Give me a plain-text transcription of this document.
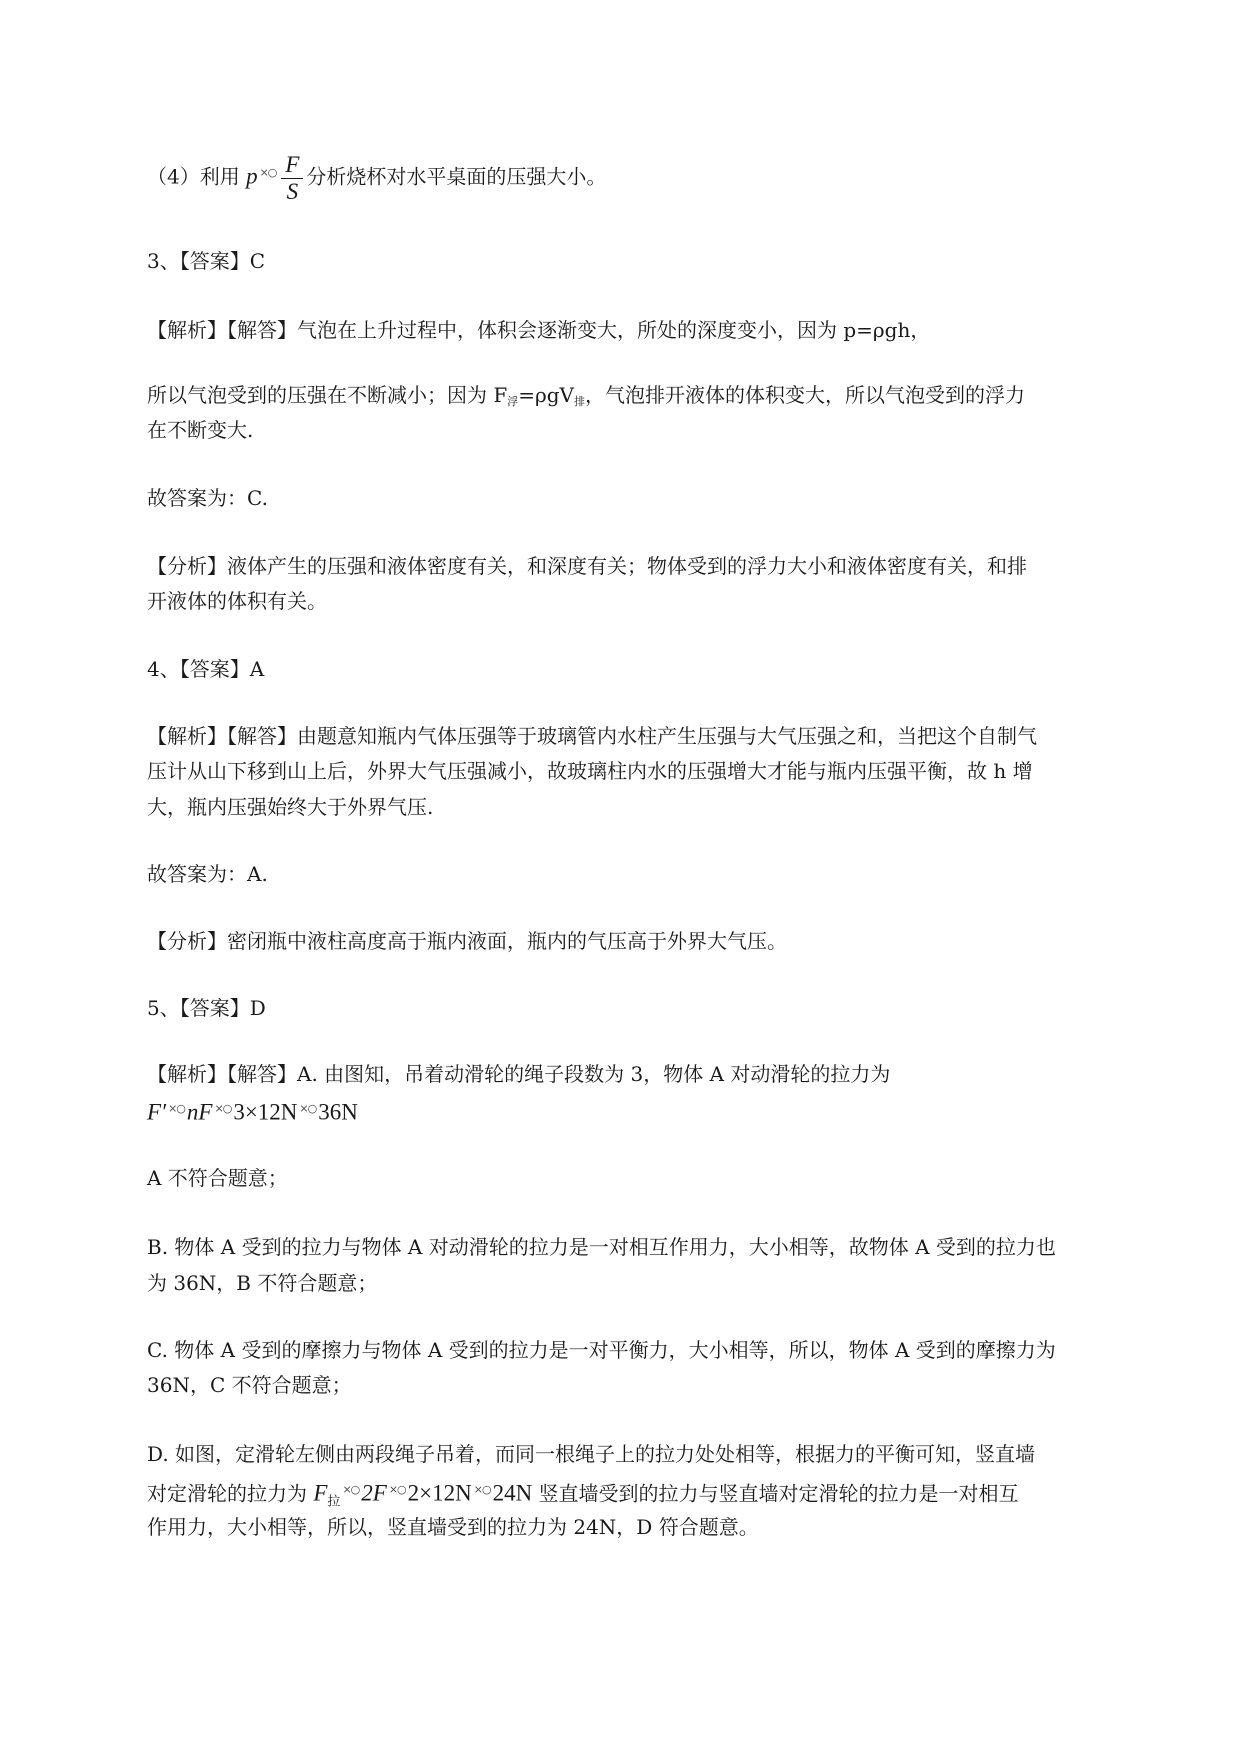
（4）利用 p $^{\times○} \frac{F}{S}$ 分析烧杯对水平桌面的压强大小。
3、【答案】C
【解析】【解答】气泡在上升过程中，体积会逐渐变大，所处的深度变小，因为 p=ρgh，
所以气泡受到的压强在不断减小；因为 F浮=ρgV排，气泡排开液体的体积变大，所以气泡受到的浮力
在不断变大.
故答案为：C.
【分析】液体产生的压强和液体密度有关，和深度有关；物体受到的浮力大小和液体密度有关，和排
开液体的体积有关。
4、【答案】A
【解析】【解答】由题意知瓶内气体压强等于玻璃管内水柱产生压强与大气压强之和，当把这个自制气
压计从山下移到山上后，外界大气压强减小，故玻璃柱内水的压强增大才能与瓶内压强平衡，故 h 增
大，瓶内压强始终大于外界气压.
故答案为：A.
【分析】密闭瓶中液柱高度高于瓶内液面，瓶内的气压高于外界大气压。
5、【答案】D
【解析】【解答】A. 由图知，吊着动滑轮的绳子段数为 3，物体 A 对动滑轮的拉力为
F′ ×○nF ×○3×12N ×○36N
A 不符合题意；
B. 物体 A 受到的拉力与物体 A 对动滑轮的拉力是一对相互作用力，大小相等，故物体 A 受到的拉力也
为 36N，B 不符合题意；
C. 物体 A 受到的摩擦力与物体 A 受到的拉力是一对平衡力，大小相等，所以，物体 A 受到的摩擦力为
36N，C 不符合题意；
D. 如图，定滑轮左侧由两段绳子吊着，而同一根绳子上的拉力处处相等，根据力的平衡可知，竖直墙
对定滑轮的拉力为 $F_拉^{\times○}2F$ ×○2×12N ×○24N 竖直墙受到的拉力与竖直墙对定滑轮的拉力是一对相互
作用力，大小相等，所以，竖直墙受到的拉力为 24N，D 符合题意。
